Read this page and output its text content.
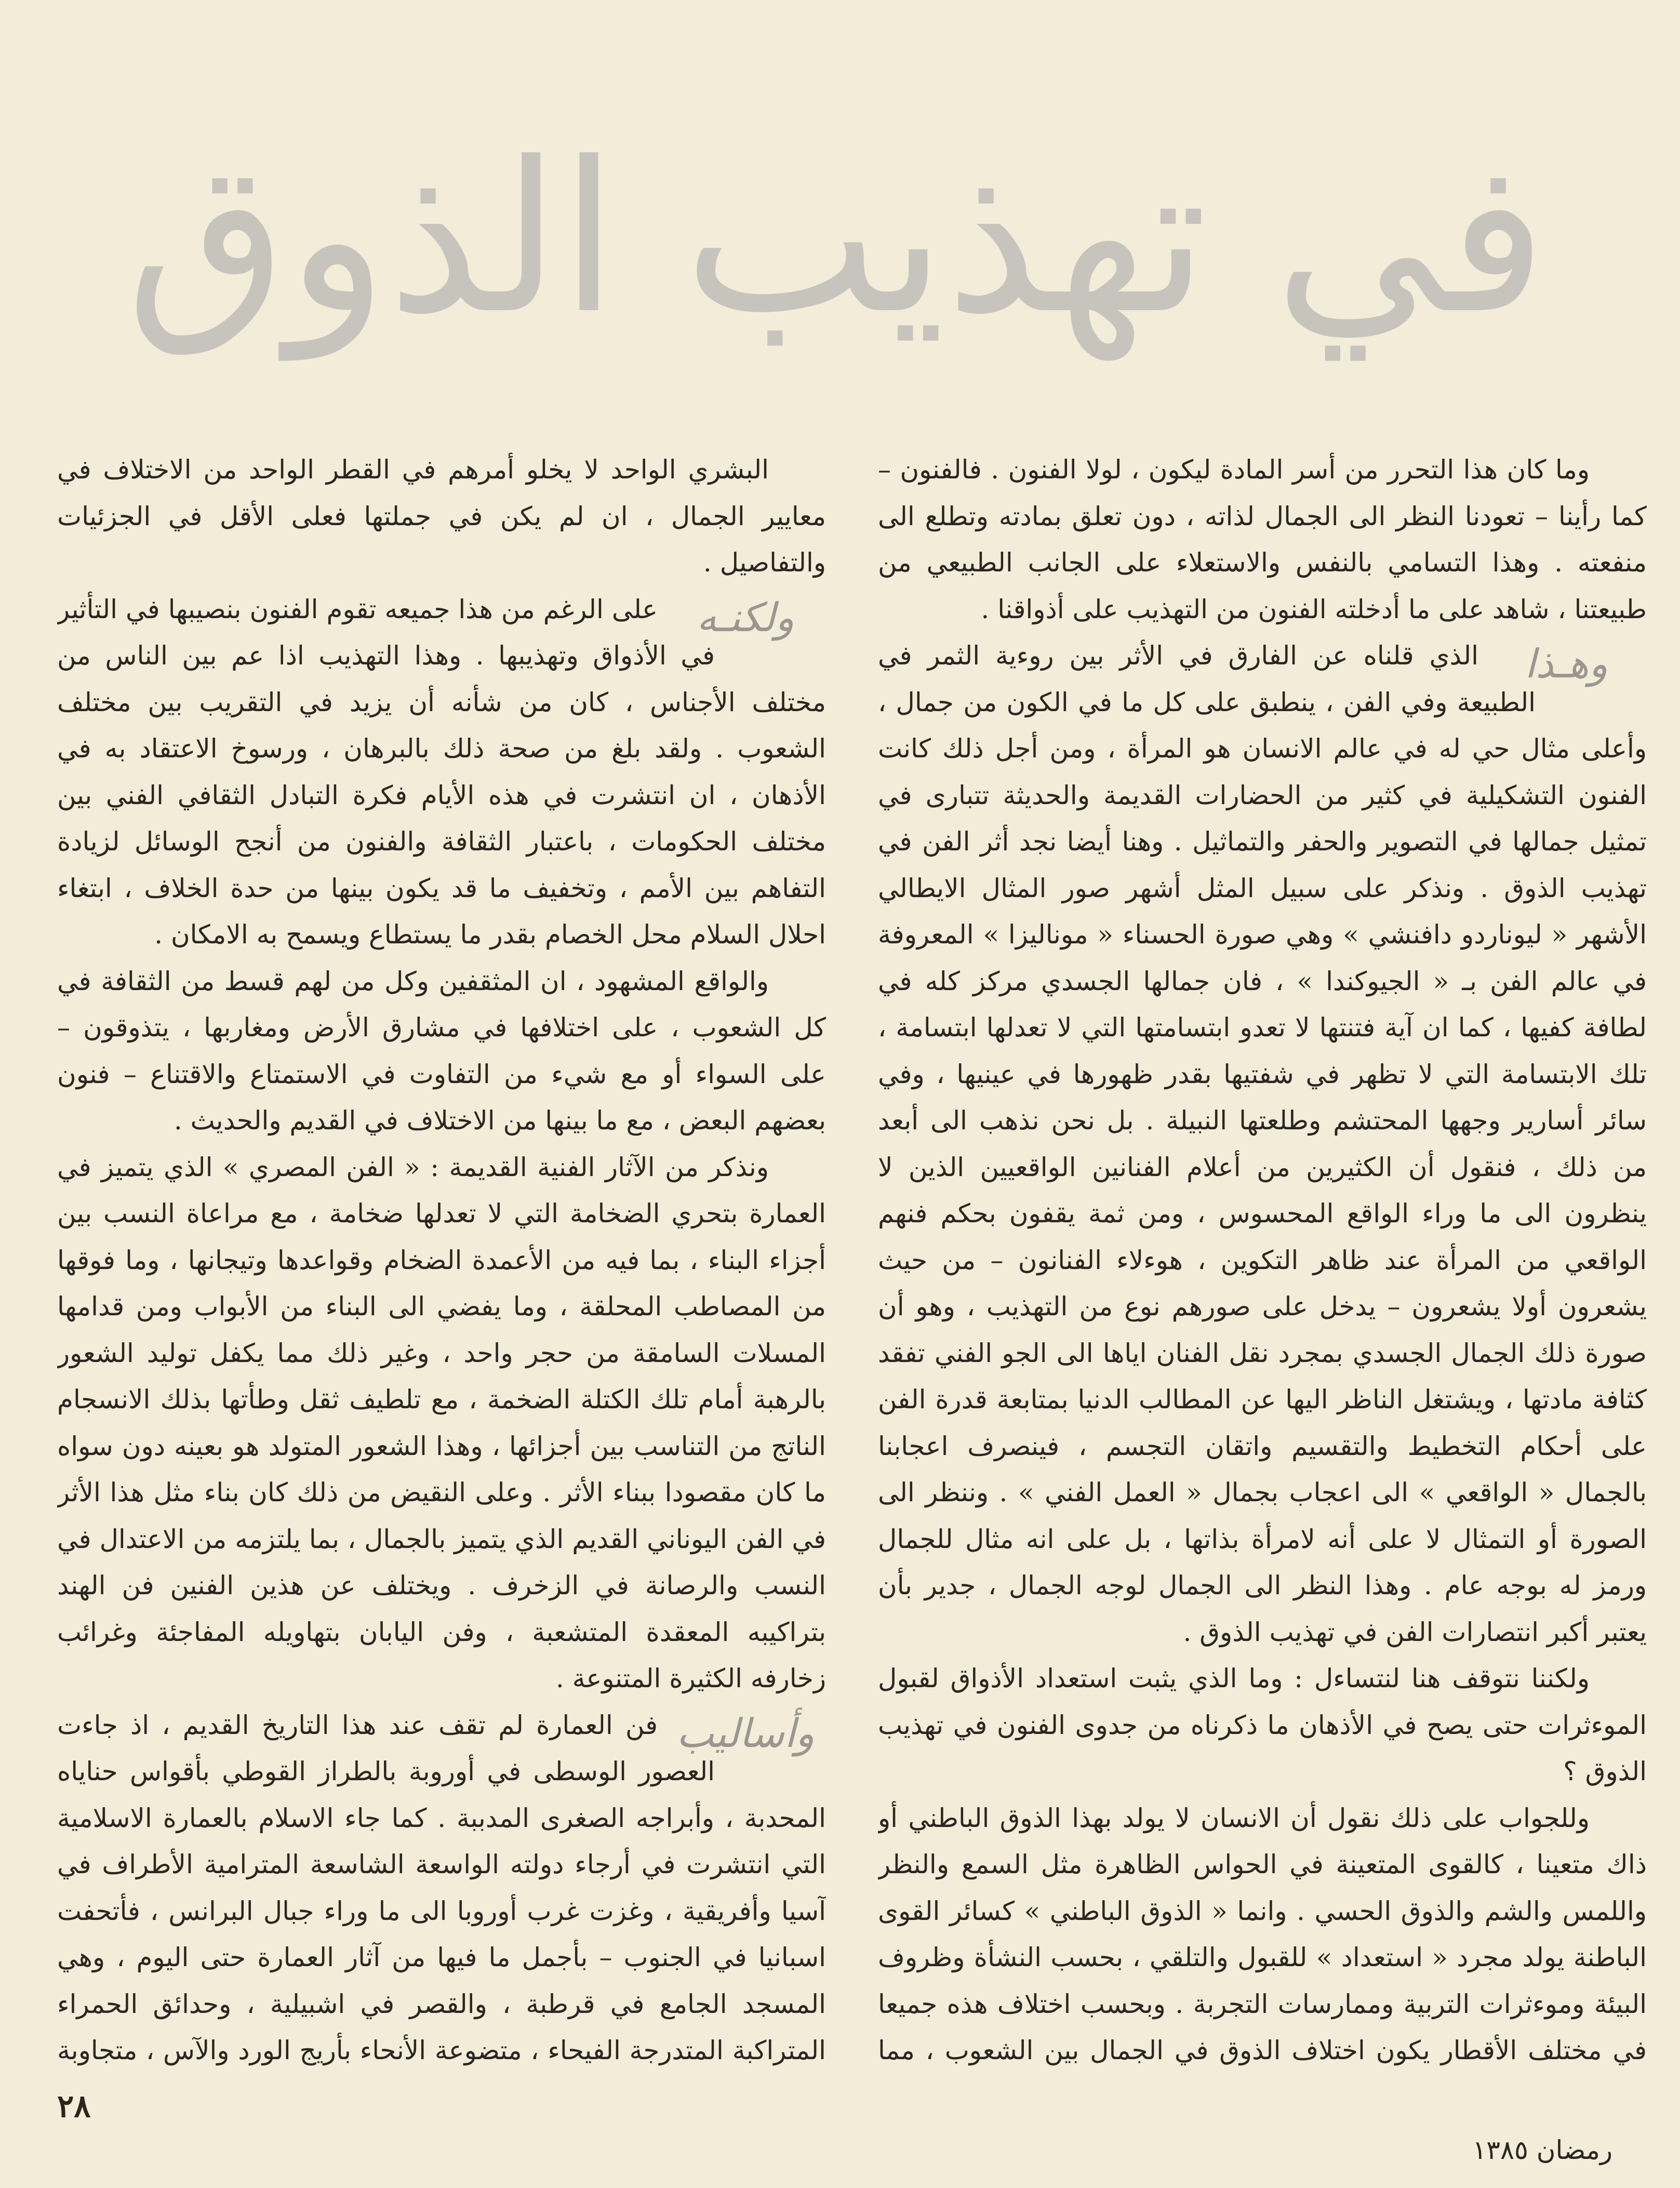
في تهذيب الذوق

وما كان هذا التحرر من أسر المادة ليكون ، لولا الفنون . فالفنون – كما رأينا – تعودنا النظر الى الجمال لذاته ، دون تعلق بمادته وتطلع الى منفعته . وهذا التسامي بالنفس والاستعلاء على الجانب الطبيعي من طبيعتنا ، شاهد على ما أدخلته الفنون من التهذيب على أذواقنا .

وهـذا
الذي قلناه عن الفارق في الأثر بين روءية الثمر في الطبيعة وفي الفن ، ينطبق على كل ما في الكون من جمال ، وأعلى مثال حي له في عالم الانسان هو المرأة ، ومن أجل ذلك كانت الفنون التشكيلية في كثير من الحضارات القديمة والحديثة تتبارى في تمثيل جمالها في التصوير والحفر والتماثيل . وهنا أيضا نجد أثر الفن في تهذيب الذوق . ونذكر على سبيل المثل أشهر صور المثال الايطالي الأشهر « ليوناردو دافنشي » وهي صورة الحسناء « موناليزا » المعروفة في عالم الفن بـ « الجيوكندا » ، فان جمالها الجسدي مركز كله في لطافة كفيها ، كما ان آية فتنتها لا تعدو ابتسامتها التي لا تعدلها ابتسامة ، تلك الابتسامة التي لا تظهر في شفتيها بقدر ظهورها في عينيها ، وفي سائر أسارير وجهها المحتشم وطلعتها النبيلة . بل نحن نذهب الى أبعد من ذلك ، فنقول أن الكثيرين من أعلام الفنانين الواقعيين الذين لا ينظرون الى ما وراء الواقع المحسوس ، ومن ثمة يقفون بحكم فنهم الواقعي من المرأة عند ظاهر التكوين ، هوءلاء الفنانون – من حيث يشعرون أولا يشعرون – يدخل على صورهم نوع من التهذيب ، وهو أن صورة ذلك الجمال الجسدي بمجرد نقل الفنان اياها الى الجو الفني تفقد كثافة مادتها ، ويشتغل الناظر اليها عن المطالب الدنيا بمتابعة قدرة الفن على أحكام التخطيط والتقسيم واتقان التجسم ، فينصرف اعجابنا بالجمال « الواقعي » الى اعجاب بجمال « العمل الفني » . وننظر الى الصورة أو التمثال لا على أنه لامرأة بذاتها ، بل على انه مثال للجمال ورمز له بوجه عام . وهذا النظر الى الجمال لوجه الجمال ، جدير بأن يعتبر أكبر انتصارات الفن في تهذيب الذوق .

ولكننا نتوقف هنا لنتساءل : وما الذي يثبت استعداد الأذواق لقبول الموءثرات حتى يصح في الأذهان ما ذكرناه من جدوى الفنون في تهذيب الذوق ؟

وللجواب على ذلك نقول أن الانسان لا يولد بهذا الذوق الباطني أو ذاك متعينا ، كالقوى المتعينة في الحواس الظاهرة مثل السمع والنظر واللمس والشم والذوق الحسي . وانما « الذوق الباطني » كسائر القوى الباطنة يولد مجرد « استعداد » للقبول والتلقي ، بحسب النشأة وظروف البيئة وموءثرات التربية وممارسات التجربة . وبحسب اختلاف هذه جميعا في مختلف الأقطار يكون اختلاف الذوق في الجمال بين الشعوب ، مما

البشري الواحد لا يخلو أمرهم في القطر الواحد من الاختلاف في معايير الجمال ، ان لم يكن في جملتها فعلى الأقل في الجزئيات والتفاصيل .

ولكنـه
على الرغم من هذا جميعه تقوم الفنون بنصيبها في التأثير في الأذواق وتهذيبها . وهذا التهذيب اذا عم بين الناس من مختلف الأجناس ، كان من شأنه أن يزيد في التقريب بين مختلف الشعوب . ولقد بلغ من صحة ذلك بالبرهان ، ورسوخ الاعتقاد به في الأذهان ، ان انتشرت في هذه الأيام فكرة التبادل الثقافي الفني بين مختلف الحكومات ، باعتبار الثقافة والفنون من أنجح الوسائل لزيادة التفاهم بين الأمم ، وتخفيف ما قد يكون بينها من حدة الخلاف ، ابتغاء احلال السلام محل الخصام بقدر ما يستطاع ويسمح به الامكان .

والواقع المشهود ، ان المثقفين وكل من لهم قسط من الثقافة في كل الشعوب ، على اختلافها في مشارق الأرض ومغاربها ، يتذوقون – على السواء أو مع شيء من التفاوت في الاستمتاع والاقتناع – فنون بعضهم البعض ، مع ما بينها من الاختلاف في القديم والحديث .

ونذكر من الآثار الفنية القديمة : « الفن المصري » الذي يتميز في العمارة بتحري الضخامة التي لا تعدلها ضخامة ، مع مراعاة النسب بين أجزاء البناء ، بما فيه من الأعمدة الضخام وقواعدها وتيجانها ، وما فوقها من المصاطب المحلقة ، وما يفضي الى البناء من الأبواب ومن قدامها المسلات السامقة من حجر واحد ، وغير ذلك مما يكفل توليد الشعور بالرهبة أمام تلك الكتلة الضخمة ، مع تلطيف ثقل وطأتها بذلك الانسجام الناتج من التناسب بين أجزائها ، وهذا الشعور المتولد هو بعينه دون سواه ما كان مقصودا ببناء الأثر . وعلى النقيض من ذلك كان بناء مثل هذا الأثر في الفن اليوناني القديم الذي يتميز بالجمال ، بما يلتزمه من الاعتدال في النسب والرصانة في الزخرف . ويختلف عن هذين الفنين فن الهند بتراكيبه المعقدة المتشعبة ، وفن اليابان بتهاويله المفاجئة وغرائب زخارفه الكثيرة المتنوعة .

وأساليب
فن العمارة لم تقف عند هذا التاريخ القديم ، اذ جاءت العصور الوسطى في أوروبة بالطراز القوطي بأقواس حناياه المحدبة ، وأبراجه الصغرى المدببة . كما جاء الاسلام بالعمارة الاسلامية التي انتشرت في أرجاء دولته الواسعة الشاسعة المترامية الأطراف في آسيا وأفريقية ، وغزت غرب أوروبا الى ما وراء جبال البرانس ، فأتحفت اسبانيا في الجنوب – بأجمل ما فيها من آثار العمارة حتى اليوم ، وهي المسجد الجامع في قرطبة ، والقصر في اشبيلية ، وحدائق الحمراء المتراكبة المتدرجة الفيحاء ، متضوعة الأنحاء بأريج الورد والآس ، متجاوبة

٢٨
رمضان ١٣٨٥
